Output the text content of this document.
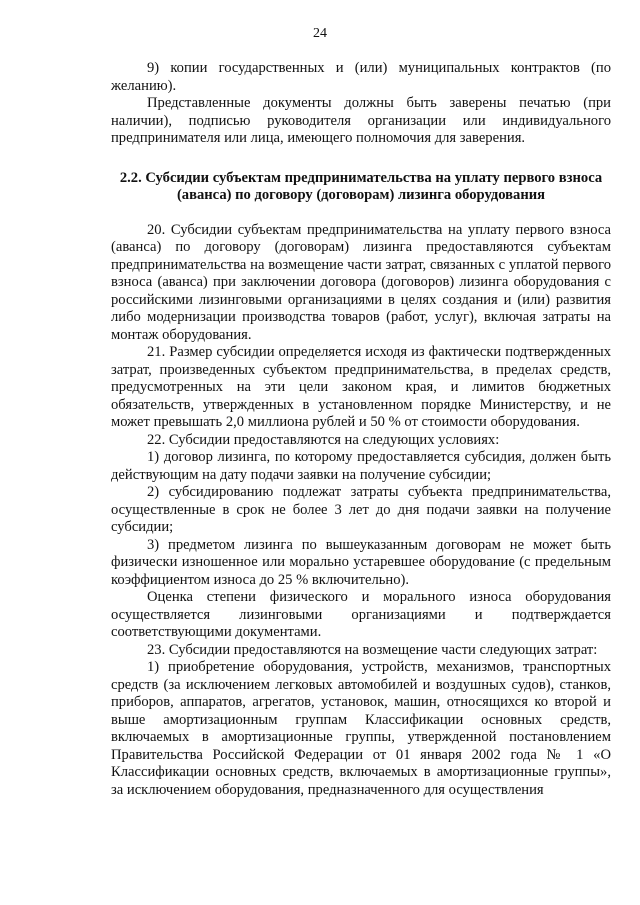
24

9) копии государственных и (или) муниципальных контрактов (по желанию).

Представленные документы должны быть заверены печатью (при наличии), подписью руководителя организации или индивидуального предпринимателя или лица, имеющего полномочия для заверения.

2.2. Субсидии субъектам предпринимательства на уплату первого взноса (аванса) по договору (договорам) лизинга оборудования

20. Субсидии субъектам предпринимательства на уплату первого взноса (аванса) по договору (договорам) лизинга предоставляются субъектам предпринимательства на возмещение части затрат, связанных с уплатой первого взноса (аванса) при заключении договора (договоров) лизинга оборудования с российскими лизинговыми организациями в целях создания и (или) развития либо модернизации производства товаров (работ, услуг), включая затраты на монтаж оборудования.

21. Размер субсидии определяется исходя из фактически подтвержденных затрат, произведенных субъектом предпринимательства, в пределах средств, предусмотренных на эти цели законом края, и лимитов бюджетных обязательств, утвержденных в установленном порядке Министерству, и не может превышать 2,0 миллиона рублей и 50 % от стоимости оборудования.

22. Субсидии предоставляются на следующих условиях:

1) договор лизинга, по которому предоставляется субсидия, должен быть действующим на дату подачи заявки на получение субсидии;

2) субсидированию подлежат затраты субъекта предпринимательства, осуществленные в срок не более 3 лет до дня подачи заявки на получение субсидии;

3) предметом лизинга по вышеуказанным договорам не может быть физически изношенное или морально устаревшее оборудование (с предельным коэффициентом износа до 25 % включительно).

Оценка степени физического и морального износа оборудования осуществляется лизинговыми организациями и подтверждается соответствующими документами.

23. Субсидии предоставляются на возмещение части следующих затрат:

1) приобретение оборудования, устройств, механизмов, транспортных средств (за исключением легковых автомобилей и воздушных судов), станков, приборов, аппаратов, агрегатов, установок, машин, относящихся ко второй и выше амортизационным группам Классификации основных средств, включаемых в амортизационные группы, утвержденной постановлением Правительства Российской Федерации от 01 января 2002 года № 1 «О Классификации основных средств, включаемых в амортизационные группы», за исключением оборудования, предназначенного для осуществления
